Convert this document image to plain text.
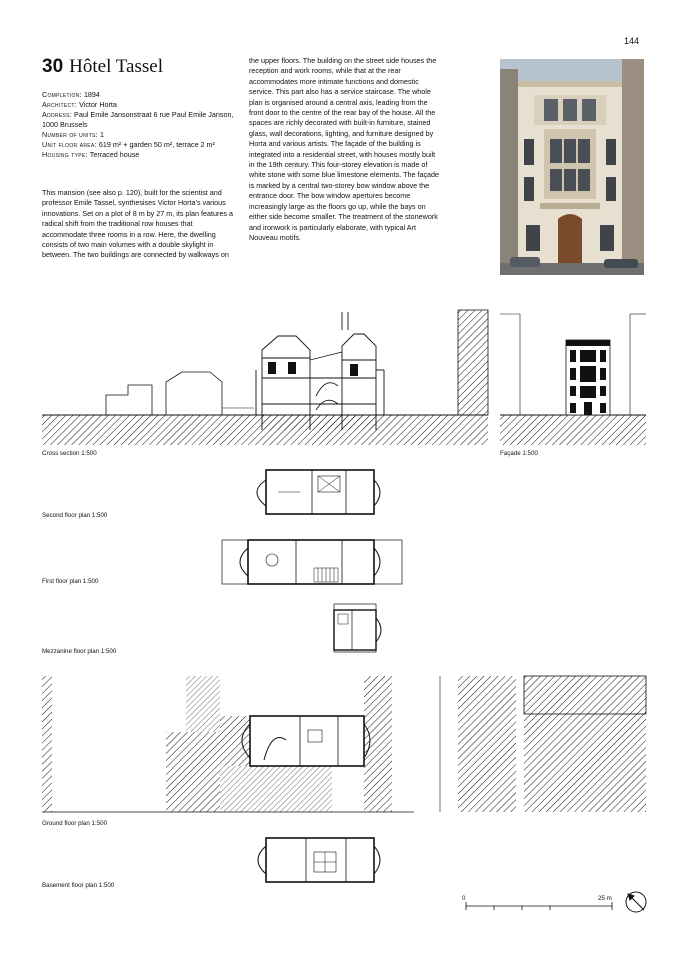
144
30 Hôtel Tassel
Completion: 1894
Architect: Victor Horta
Address: Paul Emile Jansonstraat 6 rue Paul Emile Janson, 1000 Brussels
Number of units: 1
Unit floor area: 619 m² + garden 50 m², terrace 2 m²
Housing type: Terraced house
This mansion (see also p. 120), built for the scientist and professor Emile Tassel, synthesises Victor Horta’s various innovations. Set on a plot of 8 m by 27 m, its plan features a radical shift from the traditional row houses that accommodate three rooms in a row. Here, the dwelling consists of two main volumes with a double skylight in between. The two buildings are connected by walkways on
the upper floors. The building on the street side houses the reception and work rooms, while that at the rear accommodates more intimate functions and domestic service. This part also has a service staircase. The whole plan is organised around a central axis, leading from the front door to the centre of the rear bay of the house. All the spaces are richly decorated with built-in furniture, stained glass, wall decorations, lighting, and furniture designed by Horta and various artists. The façade of the building is integrated into a residential street, with houses mostly built in the 19th century. This four-storey elevation is made of white stone with some blue limestone elements. The façade is marked by a central two-storey bow window above the entrance door. The bow window apertures become increasingly large as the floors go up, while the bays on either side become smaller. The treatment of the stonework and ironwork is particularly elaborate, with typical Art Nouveau motifs.
Cross section 1:500	Façade 1:500
Second floor plan 1:500
First floor plan 1:500
Mezzanine floor plan 1:500
Ground floor plan 1:500
Basement floor plan 1:500
0	25 m
